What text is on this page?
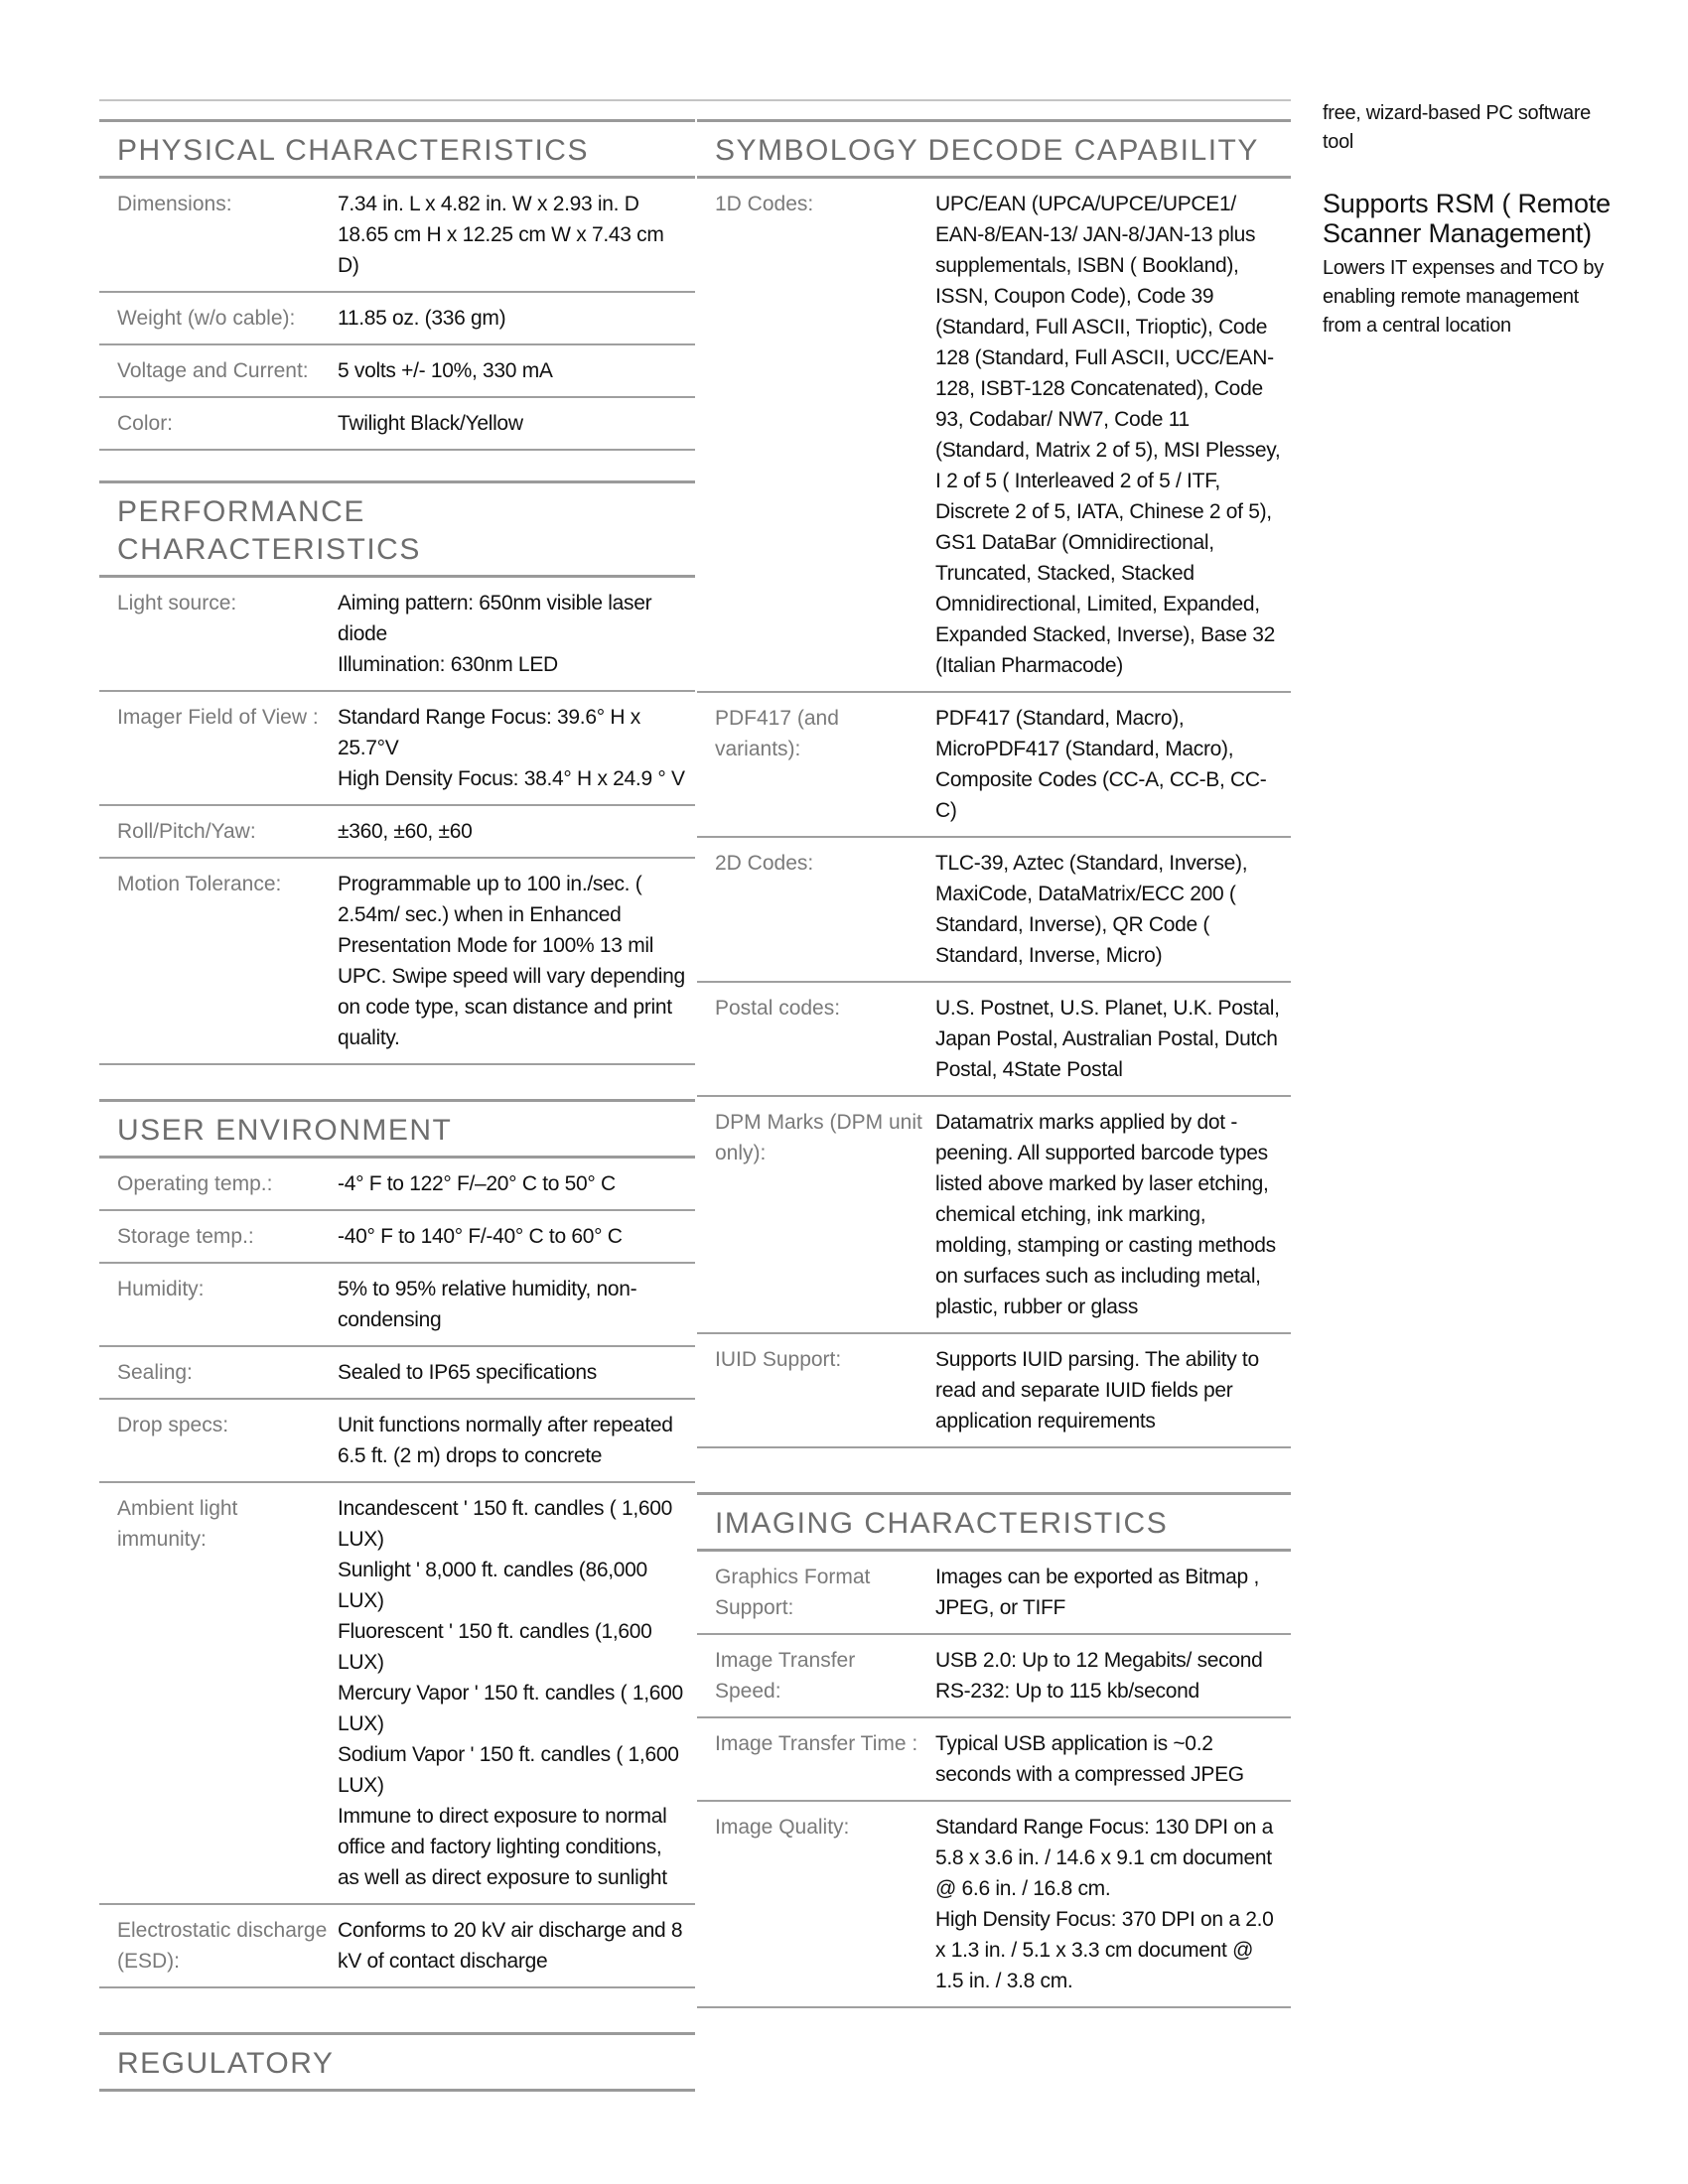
PHYSICAL CHARACTERISTICS
Dimensions:	7.34 in. L x 4.82 in. W x 2.93 in. D 18.65 cm H x 12.25 cm W x 7.43 cm D)
Weight (w/o cable):	11.85 oz. (336 gm)
Voltage and Current:	5 volts +/- 10%, 330 mA
Color:	Twilight Black/Yellow
PERFORMANCE CHARACTERISTICS
Light source:	Aiming pattern: 650nm visible laser diode
Illumination: 630nm LED
Imager Field of View : Standard Range Focus: 39.6° H x 25.7°V
High Density Focus: 38.4° H x 24.9 ° V
Roll/Pitch/Yaw:	±360, ±60, ±60
Motion Tolerance:	Programmable up to 100 in./sec. ( 2.54m/ sec.) when in Enhanced Presentation Mode for 100% 13 mil UPC. Swipe speed will vary depending on code type, scan distance and print quality.
USER ENVIRONMENT
Operating temp.:	-4° F to 122° F/–20° C to 50° C
Storage temp.:	-40° F to 140° F/-40° C to 60° C
Humidity:	5% to 95% relative humidity, non-condensing
Sealing:	Sealed to IP65 specifications
Drop specs:	Unit functions normally after repeated 6.5 ft. (2 m) drops to concrete
Ambient light immunity:
Incandescent ' 150 ft. candles ( 1,600 LUX)
Sunlight ' 8,000 ft. candles (86,000 LUX)
Fluorescent ' 150 ft. candles (1,600 LUX)
Mercury Vapor ' 150 ft. candles ( 1,600 LUX)
Sodium Vapor ' 150 ft. candles ( 1,600 LUX)
Immune to direct exposure to normal office and factory lighting conditions, as well as direct exposure to sunlight
Electrostatic discharge (ESD):
Conforms to 20 kV air discharge and 8 kV of contact discharge
REGULATORY
SYMBOLOGY DECODE CAPABILITY
1D Codes:	UPC/EAN (UPCA/UPCE/UPCE1/ EAN-8/EAN-13/ JAN-8/JAN-13 plus supplementals, ISBN ( Bookland), ISSN, Coupon Code), Code 39 (Standard, Full ASCII, Trioptic), Code 128 (Standard, Full ASCII, UCC/EAN-128, ISBT-128 Concatenated), Code 93, Codabar/ NW7, Code 11 (Standard, Matrix 2 of 5), MSI Plessey, I 2 of 5 ( Interleaved 2 of 5 / ITF, Discrete 2 of 5, IATA, Chinese 2 of 5), GS1 DataBar (Omnidirectional, Truncated, Stacked, Stacked Omnidirectional, Limited, Expanded, Expanded Stacked, Inverse), Base 32 (Italian Pharmacode)
PDF417 (and variants):
PDF417 (Standard, Macro), MicroPDF417 (Standard, Macro), Composite Codes (CC-A, CC-B, CC-C)
2D Codes:	TLC-39, Aztec (Standard, Inverse), MaxiCode, DataMatrix/ECC 200 ( Standard, Inverse), QR Code ( Standard, Inverse, Micro)
Postal codes:	U.S. Postnet, U.S. Planet, U.K. Postal, Japan Postal, Australian Postal, Dutch Postal, 4State Postal
DPM Marks (DPM unit only):
Datamatrix marks applied by dot - peening. All supported barcode types listed above marked by laser etching, chemical etching, ink marking, molding, stamping or casting methods on surfaces such as including metal, plastic, rubber or glass
IUID Support:	Supports IUID parsing. The ability to read and separate IUID fields per application requirements
IMAGING CHARACTERISTICS
Graphics Format Support:
Images can be exported as Bitmap , JPEG, or TIFF
Image Transfer Speed:
USB 2.0: Up to 12 Megabits/ second
RS-232: Up to 115 kb/second
Image Transfer Time : Typical USB application is ~0.2 seconds with a compressed JPEG
Image Quality:	Standard Range Focus: 130 DPI on a 5.8 x 3.6 in. / 14.6 x 9.1 cm document @ 6.6 in. / 16.8 cm.
High Density Focus: 370 DPI on a 2.0 x 1.3 in. / 5.1 x 3.3 cm document @ 1.5 in. / 3.8 cm.
free, wizard-based PC software tool
Supports RSM ( Remote Scanner Management)
Lowers IT expenses and TCO by enabling remote management from a central location
